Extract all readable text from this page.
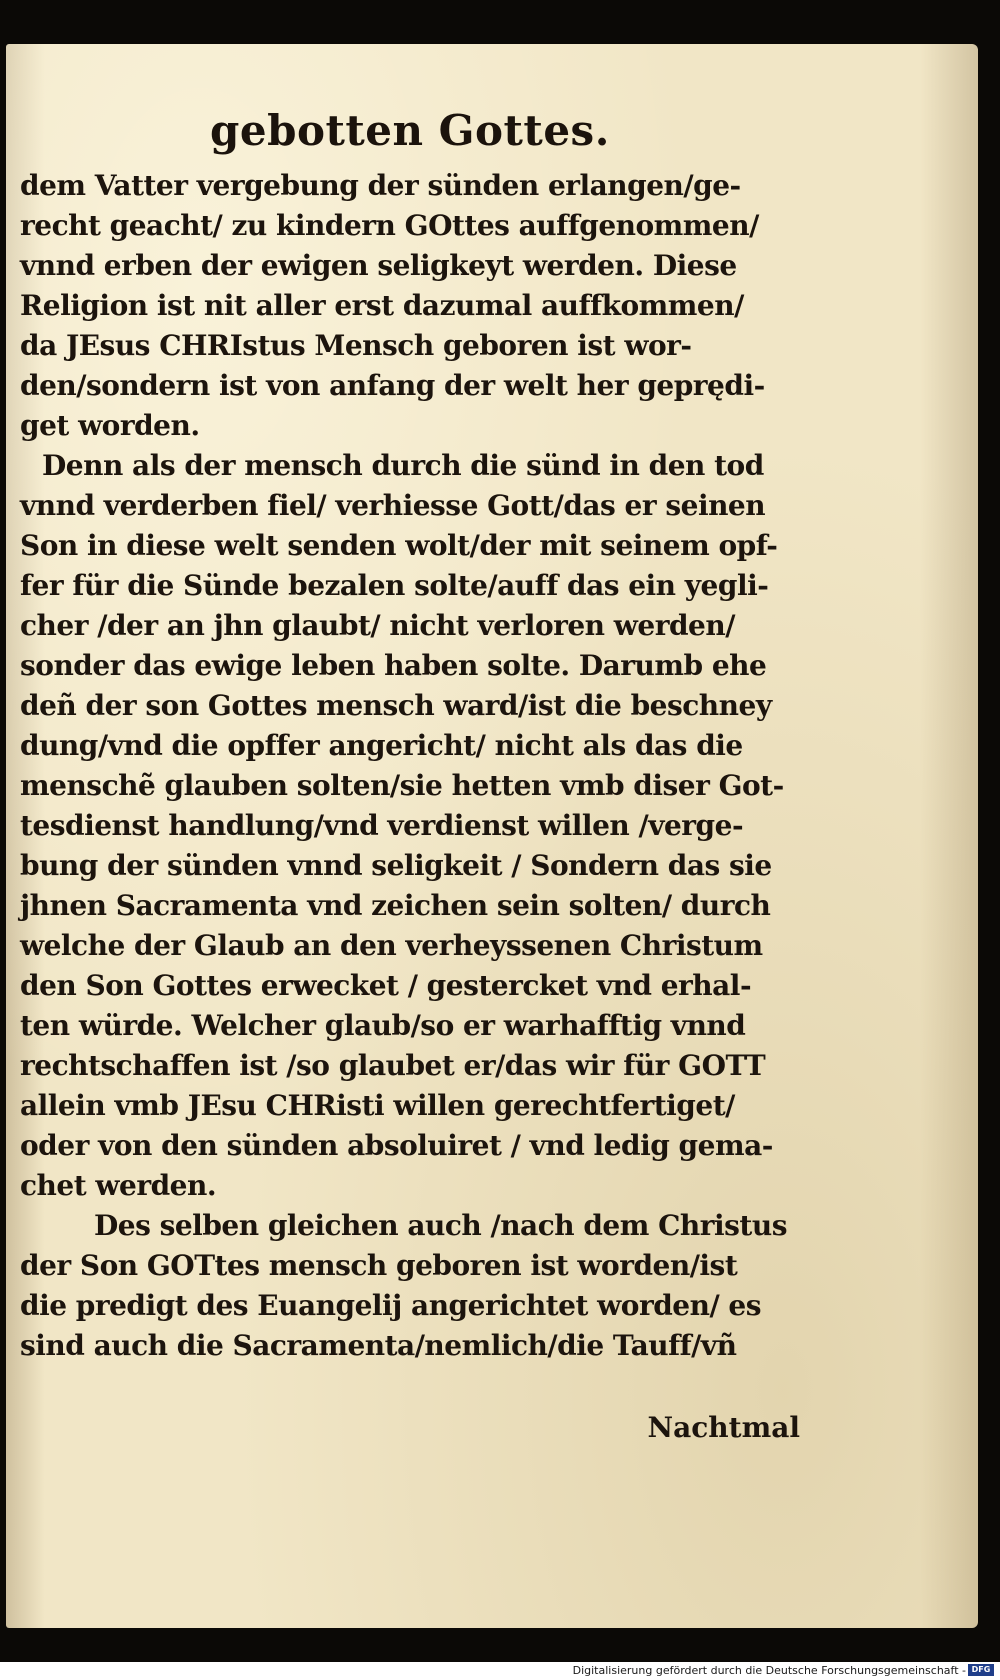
gebotten Gottes.
dem Vatter vergebung der sünden erlangen/ge-
recht geacht/ zu kindern GOttes auffgenommen/
vnnd erben der ewigen seligkeyt werden. Diese
Religion ist nit aller erst dazumal auffkommen/
da JEsus CHRIstus Mensch geboren ist wor-
den/sondern ist von anfang der welt her geprędi-
get worden.
Denn als der mensch durch die sünd in den tod
vnnd verderben fiel/ verhiesse Gott/das er seinen
Son in diese welt senden wolt/der mit seinem opf-
fer für die Sünde bezalen solte/auff das ein yegli-
cher /der an jhn glaubt/ nicht verloren werden/
sonder das ewige leben haben solte. Darumb ehe
deñ der son Gottes mensch ward/ist die beschney
dung/vnd die opffer angericht/ nicht als das die
menschẽ glauben solten/sie hetten vmb diser Got-
tesdienst handlung/vnd verdienst willen /verge-
bung der sünden vnnd seligkeit / Sondern das sie
jhnen Sacramenta vnd zeichen sein solten/ durch
welche der Glaub an den verheyssenen Christum
den Son Gottes erwecket / gestercket vnd erhal-
ten würde. Welcher glaub/so er warhafftig vnnd
rechtschaffen ist /so glaubet er/das wir für GOTT
allein vmb JEsu CHRisti willen gerechtfertiget/
oder von den sünden absoluiret / vnd ledig gema-
chet werden.
Des selben gleichen auch /nach dem Christus
der Son GOTtes mensch geboren ist worden/ist
die predigt des Euangelij angerichtet worden/ es
sind auch die Sacramenta/nemlich/die Tauff/vñ
Nachtmal
Digitalisierung gefördert durch die Deutsche Forschungsgemeinschaft - DFG
